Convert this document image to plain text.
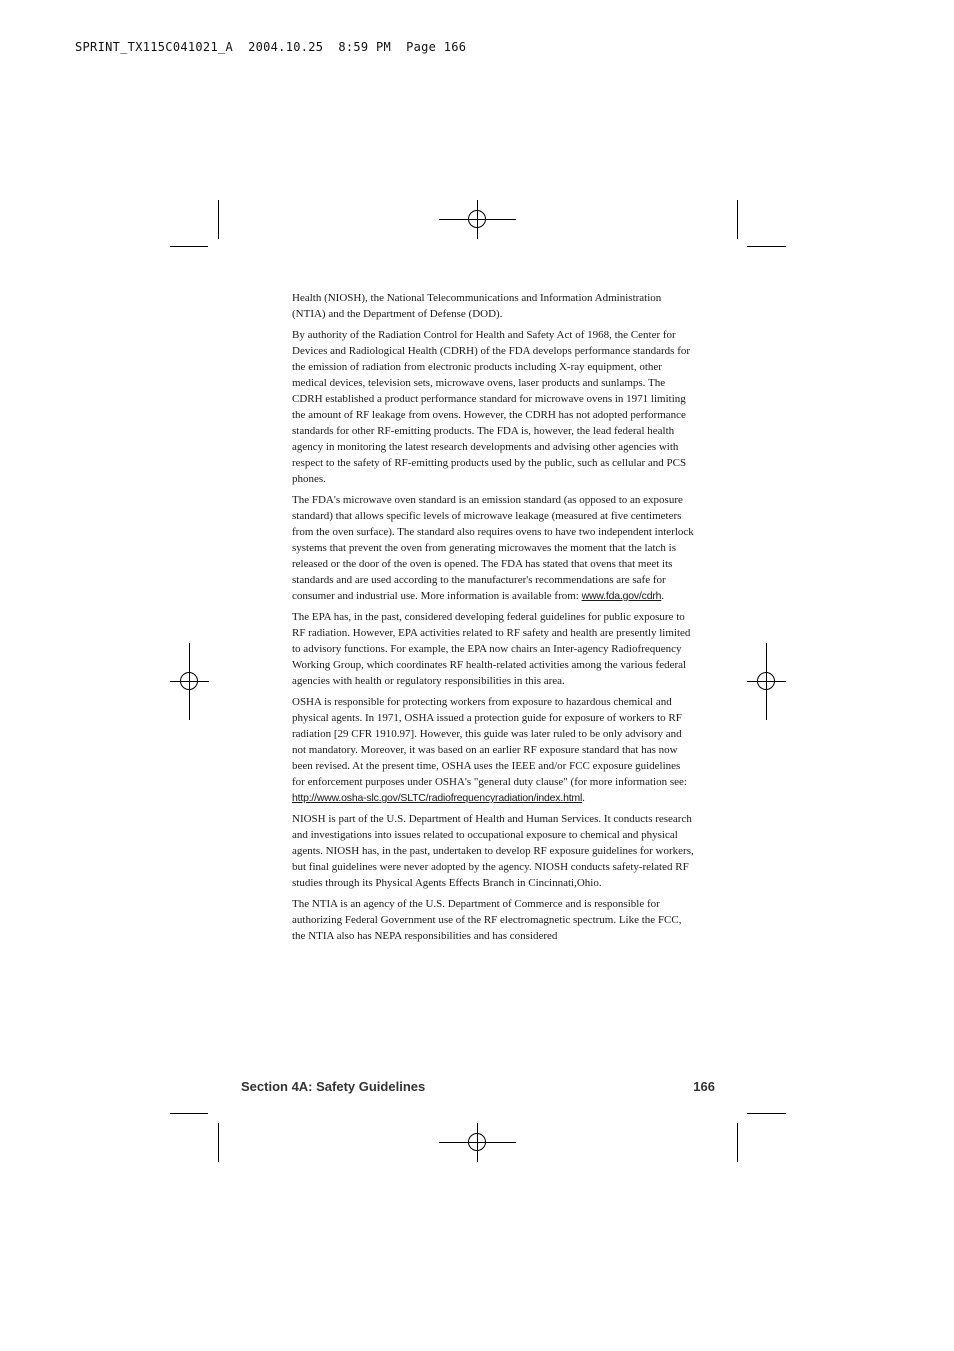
SPRINT_TX115C041021_A  2004.10.25  8:59 PM  Page 166

Health (NIOSH), the National Telecommunications and Information Administration (NTIA) and the Department of Defense (DOD).

By authority of the Radiation Control for Health and Safety Act of 1968, the Center for Devices and Radiological Health (CDRH) of the FDA develops performance standards for the emission of radiation from electronic products including X-ray equipment, other medical devices, television sets, microwave ovens, laser products and sunlamps. The CDRH established a product performance standard for microwave ovens in 1971 limiting the amount of RF leakage from ovens. However, the CDRH has not adopted performance standards for other RF-emitting products. The FDA is, however, the lead federal health agency in monitoring the latest research developments and advising other agencies with respect to the safety of RF-emitting products used by the public, such as cellular and PCS phones.

The FDA's microwave oven standard is an emission standard (as opposed to an exposure standard) that allows specific levels of microwave leakage (measured at five centimeters from the oven surface). The standard also requires ovens to have two independent interlock systems that prevent the oven from generating microwaves the moment that the latch is released or the door of the oven is opened. The FDA has stated that ovens that meet its standards and are used according to the manufacturer's recommendations are safe for consumer and industrial use. More information is available from: www.fda.gov/cdrh.

The EPA has, in the past, considered developing federal guidelines for public exposure to RF radiation. However, EPA activities related to RF safety and health are presently limited to advisory functions. For example, the EPA now chairs an Inter-agency Radiofrequency Working Group, which coordinates RF health-related activities among the various federal agencies with health or regulatory responsibilities in this area.

OSHA is responsible for protecting workers from exposure to hazardous chemical and physical agents. In 1971, OSHA issued a protection guide for exposure of workers to RF radiation [29 CFR 1910.97]. However, this guide was later ruled to be only advisory and not mandatory. Moreover, it was based on an earlier RF exposure standard that has now been revised. At the present time, OSHA uses the IEEE and/or FCC exposure guidelines for enforcement purposes under OSHA's "general duty clause" (for more information see: http://www.osha-slc.gov/SLTC/radiofrequencyradiation/index.html.

NIOSH is part of the U.S. Department of Health and Human Services. It conducts research and investigations into issues related to occupational exposure to chemical and physical agents. NIOSH has, in the past, undertaken to develop RF exposure guidelines for workers, but final guidelines were never adopted by the agency. NIOSH conducts safety-related RF studies through its Physical Agents Effects Branch in Cincinnati,Ohio.

The NTIA is an agency of the U.S. Department of Commerce and is responsible for authorizing Federal Government use of the RF electromagnetic spectrum. Like the FCC, the NTIA also has NEPA responsibilities and has considered

Section 4A: Safety Guidelines	166
